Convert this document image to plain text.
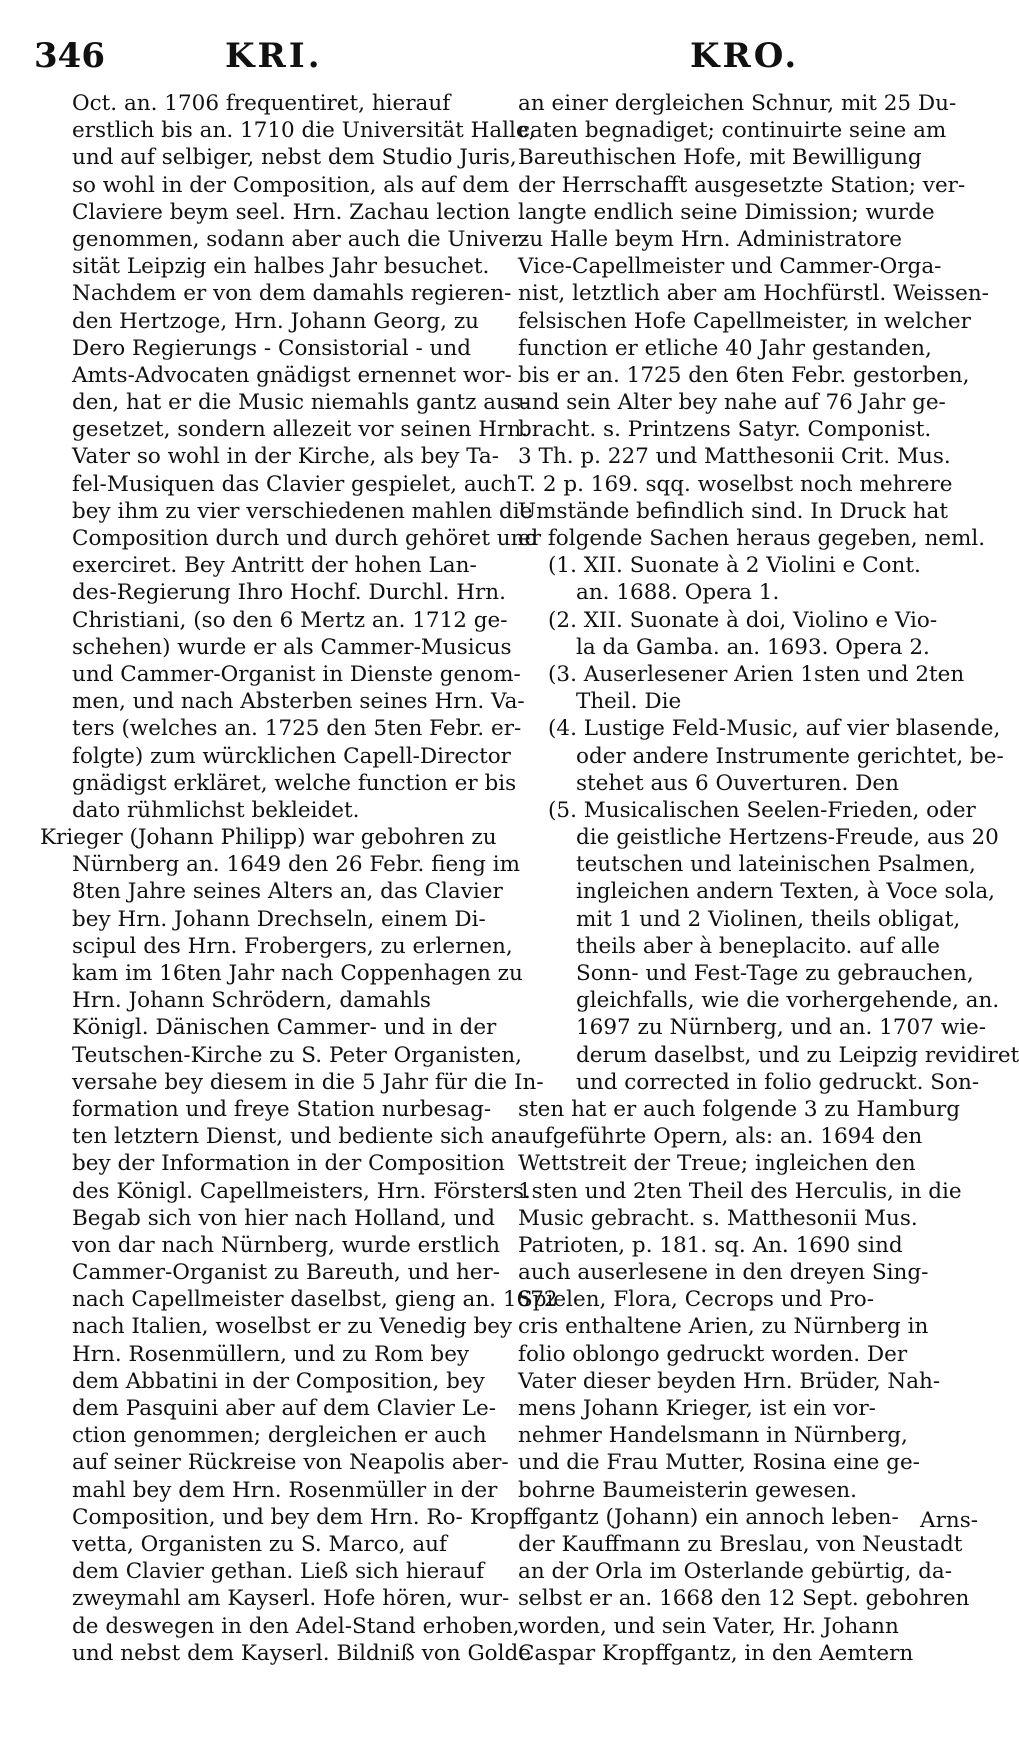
346	KRI.	KRO.
Oct. an. 1706 frequentiret, hierauf
erstlich bis an. 1710 die Universität Halle,
und auf selbiger, nebst dem Studio Juris,
so wohl in der Composition, als auf dem
Claviere beym seel. Hrn. Zachau lection
genommen, sodann aber auch die Univer-
sität Leipzig ein halbes Jahr besuchet.
Nachdem er von dem damahls regieren-
den Hertzoge, Hrn. Johann Georg, zu
Dero Regierungs - Consistorial - und
Amts-Advocaten gnädigst ernennet wor-
den, hat er die Music niemahls gantz aus-
gesetzet, sondern allezeit vor seinen Hrn.
Vater so wohl in der Kirche, als bey Ta-
fel-Musiquen das Clavier gespielet, auch
bey ihm zu vier verschiedenen mahlen die
Composition durch und durch gehöret und
exerciret. Bey Antritt der hohen Lan-
des-Regierung Ihro Hochf. Durchl. Hrn.
Christiani, (so den 6 Mertz an. 1712 ge-
schehen) wurde er als Cammer-Musicus
und Cammer-Organist in Dienste genom-
men, und nach Absterben seines Hrn. Va-
ters (welches an. 1725 den 5ten Febr. er-
folgte) zum würcklichen Capell-Director
gnädigst erkläret, welche function er bis
dato rühmlichst bekleidet.
Krieger (Johann Philipp) war gebohren zu
Nürnberg an. 1649 den 26 Febr. fieng im
8ten Jahre seines Alters an, das Clavier
bey Hrn. Johann Drechseln, einem Di-
scipul des Hrn. Frobergers, zu erlernen,
kam im 16ten Jahr nach Coppenhagen zu
Hrn. Johann Schrödern, damahls
Königl. Dänischen Cammer- und in der
Teutschen-Kirche zu S. Peter Organisten,
versahe bey diesem in die 5 Jahr für die In-
formation und freye Station nurbesag-
ten letztern Dienst, und bediente sich an-
bey der Information in der Composition
des Königl. Capellmeisters, Hrn. Försters.
Begab sich von hier nach Holland, und
von dar nach Nürnberg, wurde erstlich
Cammer-Organist zu Bareuth, und her-
nach Capellmeister daselbst, gieng an. 1672
nach Italien, woselbst er zu Venedig bey
Hrn. Rosenmüllern, und zu Rom bey
dem Abbatini in der Composition, bey
dem Pasquini aber auf dem Clavier Le-
ction genommen; dergleichen er auch
auf seiner Rückreise von Neapolis aber-
mahl bey dem Hrn. Rosenmüller in der
Composition, und bey dem Hrn. Ro-
vetta, Organisten zu S. Marco, auf
dem Clavier gethan. Ließ sich hierauf
zweymahl am Kayserl. Hofe hören, wur-
de deswegen in den Adel-Stand erhoben,
und nebst dem Kayserl. Bildniß von Golde
an einer dergleichen Schnur, mit 25 Du-
caten begnadiget; continuirte seine am
Bareuthischen Hofe, mit Bewilligung
der Herrschafft ausgesetzte Station; ver-
langte endlich seine Dimission; wurde
zu Halle beym Hrn. Administratore
Vice-Capellmeister und Cammer-Orga-
nist, letztlich aber am Hochfürstl. Weissen-
felsischen Hofe Capellmeister, in welcher
function er etliche 40 Jahr gestanden,
bis er an. 1725 den 6ten Febr. gestorben,
und sein Alter bey nahe auf 76 Jahr ge-
bracht. s. Printzens Satyr. Componist.
3 Th. p. 227 und Matthesonii Crit. Mus.
T. 2 p. 169. sqq. woselbst noch mehrere
Umstände befindlich sind. In Druck hat
er folgende Sachen heraus gegeben, neml.
(1. XII. Suonate à 2 Violini e Cont.
an. 1688. Opera 1.
(2. XII. Suonate à doi, Violino e Vio-
la da Gamba. an. 1693. Opera 2.
(3. Auserlesener Arien 1sten und 2ten
Theil. Die
(4. Lustige Feld-Music, auf vier blasende,
oder andere Instrumente gerichtet, be-
stehet aus 6 Ouverturen. Den
(5. Musicalischen Seelen-Frieden, oder
die geistliche Hertzens-Freude, aus 20
teutschen und lateinischen Psalmen,
ingleichen andern Texten, à Voce sola,
mit 1 und 2 Violinen, theils obligat,
theils aber à beneplacito. auf alle
Sonn- und Fest-Tage zu gebrauchen,
gleichfalls, wie die vorhergehende, an.
1697 zu Nürnberg, und an. 1707 wie-
derum daselbst, und zu Leipzig revidiret
und corrected in folio gedruckt. Son-
sten hat er auch folgende 3 zu Hamburg
aufgeführte Opern, als: an. 1694 den
Wettstreit der Treue; ingleichen den
1sten und 2ten Theil des Herculis, in die
Music gebracht. s. Matthesonii Mus.
Patrioten, p. 181. sq. An. 1690 sind
auch auserlesene in den dreyen Sing-
Spielen, Flora, Cecrops und Pro-
cris enthaltene Arien, zu Nürnberg in
folio oblongo gedruckt worden. Der
Vater dieser beyden Hrn. Brüder, Nah-
mens Johann Krieger, ist ein vor-
nehmer Handelsmann in Nürnberg,
und die Frau Mutter, Rosina eine ge-
bohrne Baumeisterin gewesen.
Kropffgantz (Johann) ein annoch leben-
der Kauffmann zu Breslau, von Neustadt
an der Orla im Osterlande gebürtig, da-
selbst er an. 1668 den 12 Sept. gebohren
worden, und sein Vater, Hr. Johann
Caspar Kropffgantz, in den Aemtern
Arns-
